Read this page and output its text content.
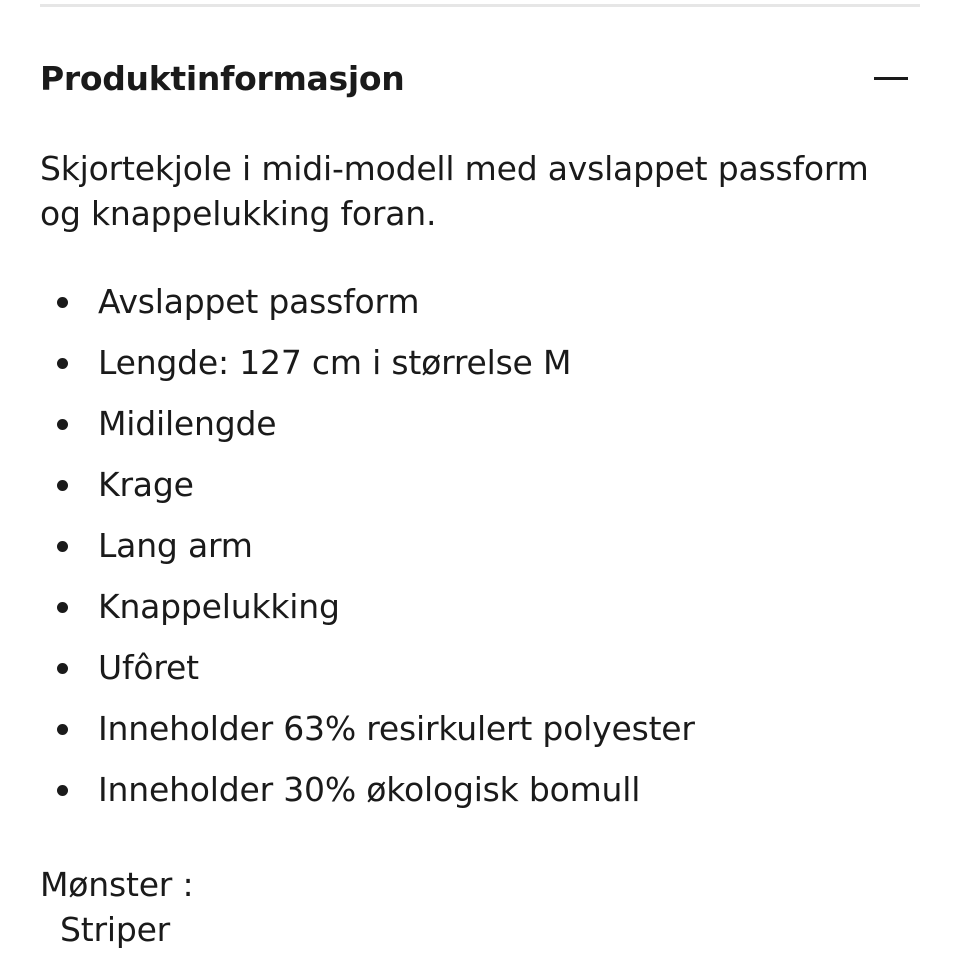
Produktinformasjon

Skjortekjole i midi-modell med avslappet passform og knappelukking foran.

Avslappet passform
Lengde: 127 cm i størrelse M
Midilengde
Krage
Lang arm
Knappelukking
Ufôret
Inneholder 63% resirkulert polyester
Inneholder 30% økologisk bomull
Mønster :
Striper
